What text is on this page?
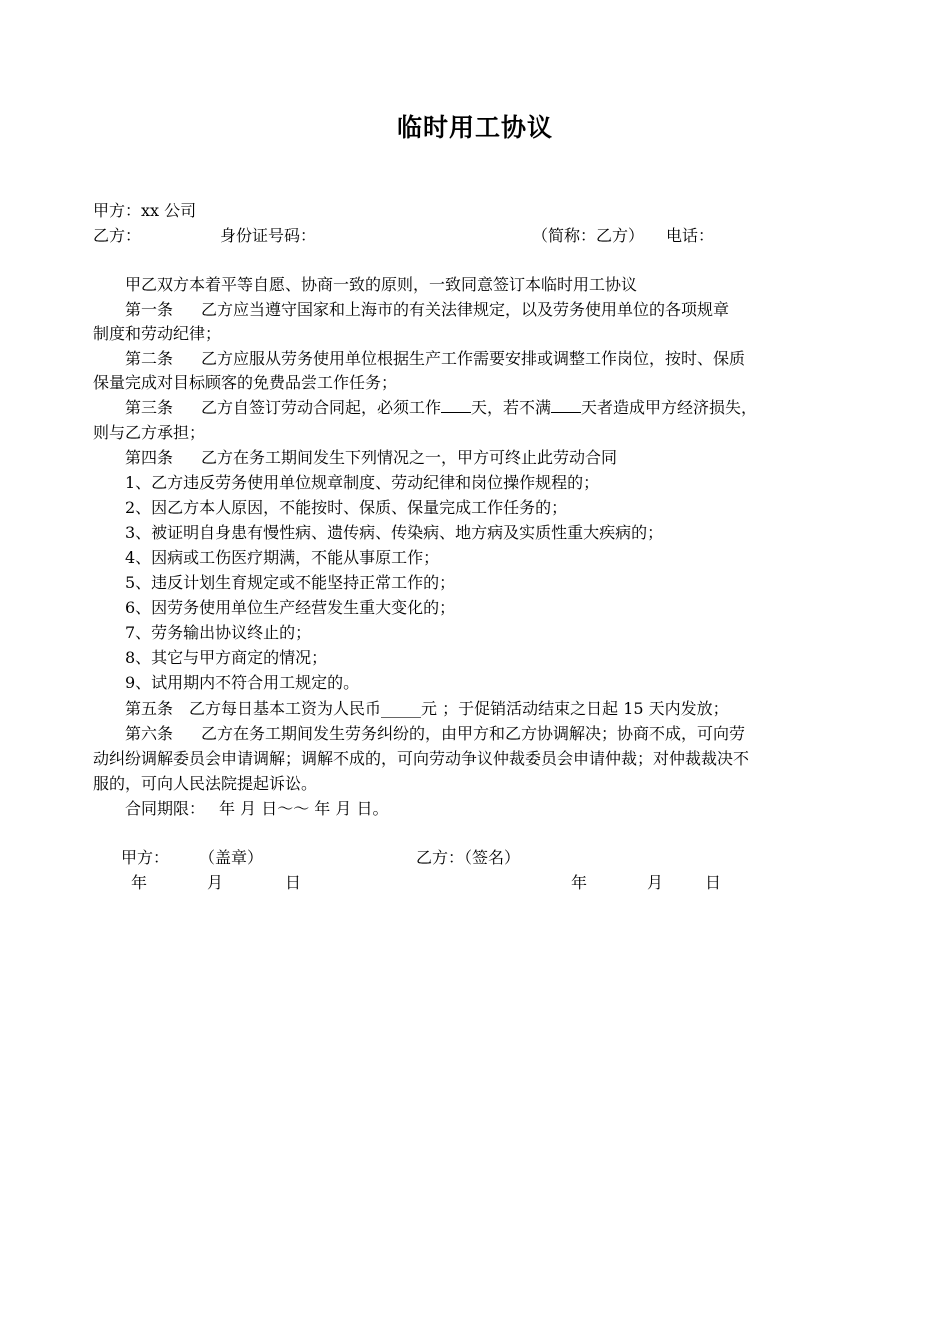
临时用工协议
甲方：xx 公司
乙方：	身份证号码：	（简称：乙方） 电话：
甲乙双方本着平等自愿、协商一致的原则，一致同意签订本临时用工协议
第一条 乙方应当遵守国家和上海市的有关法律规定，以及劳务使用单位的各项规章
制度和劳动纪律；
第二条 乙方应服从劳务使用单位根据生产工作需要安排或调整工作岗位，按时、保质
保量完成对目标顾客的免费品尝工作任务；
第三条 乙方自签订劳动合同起，必须工作 天，若不满 天者造成甲方经济损失，
则与乙方承担；
第四条 乙方在务工期间发生下列情况之一，甲方可终止此劳动合同
1、乙方违反劳务使用单位规章制度、劳动纪律和岗位操作规程的；
2、因乙方本人原因，不能按时、保质、保量完成工作任务的；
3、被证明自身患有慢性病、遗传病、传染病、地方病及实质性重大疾病的；
4、因病或工伤医疗期满，不能从事原工作；
5、违反计划生育规定或不能坚持正常工作的；
6、因劳务使用单位生产经营发生重大变化的；
7、劳务输出协议终止的；
8、其它与甲方商定的情况；
9、试用期内不符合用工规定的。
第五条 乙方每日基本工资为人民币_____元 ；于促销活动结束之日起 15 天内发放；
第六条 乙方在务工期间发生劳务纠纷的，由甲方和乙方协调解决；协商不成，可向劳
动纠纷调解委员会申请调解；调解不成的，可向劳动争议仲裁委员会申请仲裁；对仲裁裁决不
服的，可向人民法院提起诉讼。
合同期限： 年 月 日～～ 年 月 日。
甲方： （盖章）	乙方：（签名）
年	月	日	年	月	日
